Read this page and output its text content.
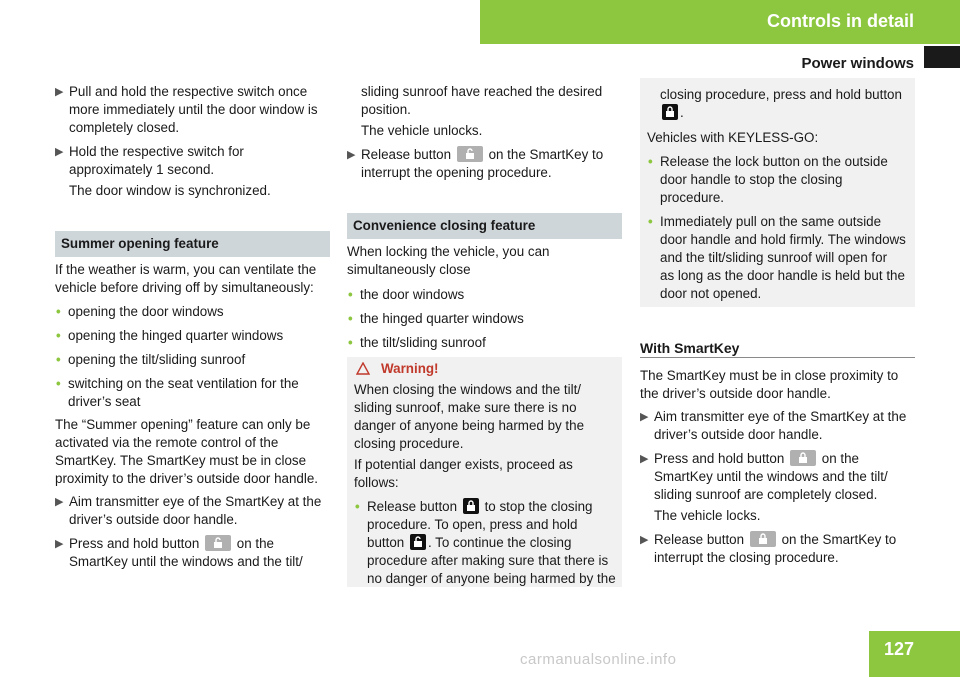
Controls in detail
Power windows
▶ Pull and hold the respective switch once
more immediately until the door window is
completely closed.
▶ Hold the respective switch for
approximately 1 second.
The door window is synchronized.
Summer opening feature
If the weather is warm, you can ventilate the
vehicle before driving off by simultaneously:
• opening the door windows
• opening the hinged quarter windows
• opening the tilt/sliding sunroof
• switching on the seat ventilation for the
driver’s seat
The “Summer opening” feature can only be
activated via the remote control of the
SmartKey. The SmartKey must be in close
proximity to the driver’s outside door handle.
▶ Aim transmitter eye of the SmartKey at the
driver’s outside door handle.
▶ Press and hold button	on the
SmartKey until the windows and the tilt/
sliding sunroof have reached the desired
position.
The vehicle unlocks.
▶ Release button	on the SmartKey to
interrupt the opening procedure.
Convenience closing feature
When locking the vehicle, you can
simultaneously close
• the door windows
• the hinged quarter windows
• the tilt/sliding sunroof
Warning!
When closing the windows and the tilt/
sliding sunroof, make sure there is no
danger of anyone being harmed by the
closing procedure.
If potential danger exists, proceed as
follows:
• Release button to stop the closing
procedure. To open, press and hold
button . To continue the closing
procedure after making sure that there is
no danger of anyone being harmed by the
closing procedure, press and hold button
.
Vehicles with KEYLESS-GO:
• Release the lock button on the outside
door handle to stop the closing
procedure.
• Immediately pull on the same outside
door handle and hold firmly. The windows
and the tilt/sliding sunroof will open for
as long as the door handle is held but the
door not opened.
With SmartKey
The SmartKey must be in close proximity to
the driver’s outside door handle.
▶ Aim transmitter eye of the SmartKey at the
driver’s outside door handle.
▶ Press and hold button	on the
SmartKey until the windows and the tilt/
sliding sunroof are completely closed.
The vehicle locks.
▶ Release button	on the SmartKey to
interrupt the closing procedure.
127
carmanualsonline.info
